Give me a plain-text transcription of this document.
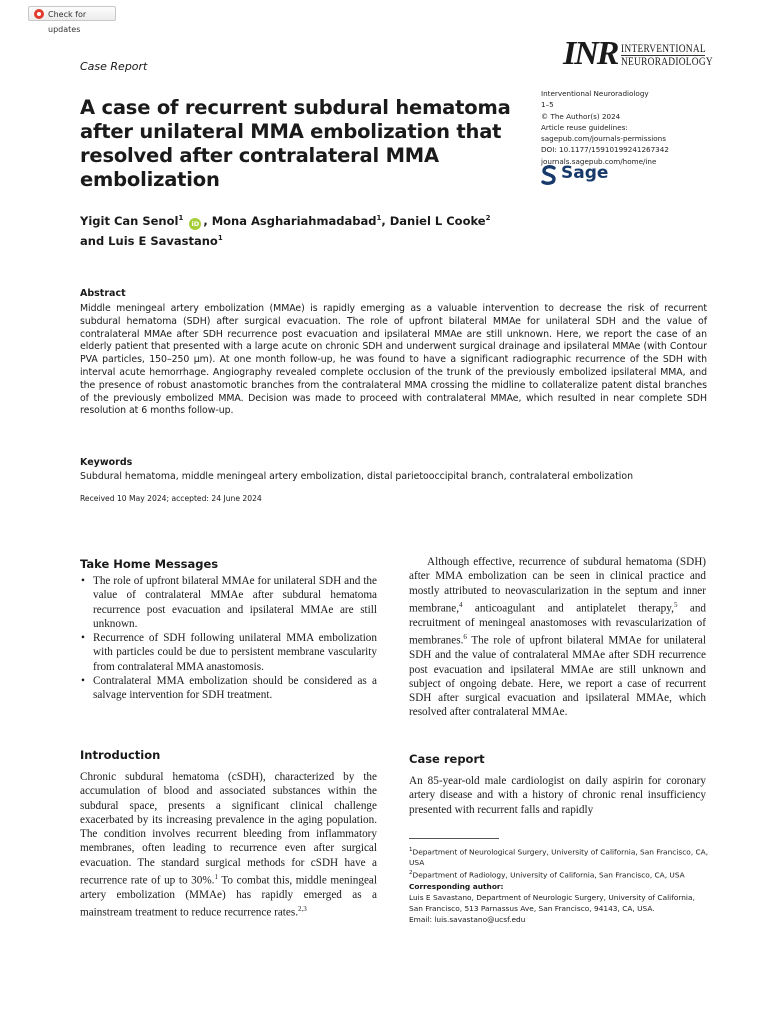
Check for updates
Case Report	INR INTERVENTIONAL
NEURORADIOLOGY
Interventional Neuroradiology
1–5
© The Author(s) 2024
Article reuse guidelines:
sagepub.com/journals-permissions
DOI: 10.1177/15910199241267342
journals.sagepub.com/home/ine
Sage
A case of recurrent subdural hematoma after unilateral MMA embolization that resolved after contralateral MMA embolization
Yigit Can Senol$^1$ iD , Mona Asghariahmadabad$^1$, Daniel L Cooke$^2$
and Luis E Savastano$^1$
Abstract
Middle meningeal artery embolization (MMAe) is rapidly emerging as a valuable intervention to decrease the risk of recurrent subdural hematoma (SDH) after surgical evacuation. The role of upfront bilateral MMAe for unilateral SDH and the value of contralateral MMAe after SDH recurrence post evacuation and ipsilateral MMAe are still unknown. Here, we report the case of an elderly patient that presented with a large acute on chronic SDH and underwent surgical drainage and ipsilateral MMAe (with Contour PVA particles, 150–250 µm). At one month follow-up, he was found to have a significant radiographic recurrence of the SDH with interval acute hemorrhage. Angiography revealed complete occlusion of the trunk of the previously embolized ipsilateral MMA, and the presence of robust anastomotic branches from the contralateral MMA crossing the midline to collateralize patent distal branches of the previously embolized MMA. Decision was made to proceed with contralateral MMAe, which resulted in near complete SDH resolution at 6 months follow-up.
Keywords
Subdural hematoma, middle meningeal artery embolization, distal parietooccipital branch, contralateral embolization
Received 10 May 2024; accepted: 24 June 2024
Take Home Messages
• The role of upfront bilateral MMAe for unilateral SDH and the value of contralateral MMAe after subdural hematoma recurrence post evacuation and ipsilateral MMAe are still unknown.
• Recurrence of SDH following unilateral MMA embolization with particles could be due to persistent membrane vascularity from contralateral MMA anastomosis.
• Contralateral MMA embolization should be considered as a salvage intervention for SDH treatment.
Introduction
Chronic subdural hematoma (cSDH), characterized by the accumulation of blood and associated substances within the subdural space, presents a significant clinical challenge exacerbated by its increasing prevalence in the aging population. The condition involves recurrent bleeding from inflammatory membranes, often leading to recurrence even after surgical evacuation. The standard surgical methods for cSDH have a recurrence rate of up to 30%.$^1$ To combat this, middle meningeal artery embolization (MMAe) has rapidly emerged as a mainstream treatment to reduce recurrence rates.$^{2,3}$
Although effective, recurrence of subdural hematoma (SDH) after MMA embolization can be seen in clinical practice and mostly attributed to neovascularization in the septum and inner membrane,$^4$ anticoagulant and antiplatelet therapy,$^5$ and recruitment of meningeal anastomoses with revascularization of membranes.$^6$ The role of upfront bilateral MMAe for unilateral SDH and the value of contralateral MMAe after SDH recurrence post evacuation and ipsilateral MMAe are still unknown and subject of ongoing debate. Here, we report a case of recurrent SDH after surgical evacuation and ipsilateral MMAe, which resolved after contralateral MMAe.
Case report
An 85-year-old male cardiologist on daily aspirin for coronary artery disease and with a history of chronic renal insufficiency presented with recurrent falls and rapidly
$^1$Department of Neurological Surgery, University of California, San Francisco, CA, USA
$^2$Department of Radiology, University of California, San Francisco, CA, USA
Corresponding author:
Luis E Savastano, Department of Neurologic Surgery, University of California, San Francisco, 513 Parnassus Ave, San Francisco, 94143, CA, USA.
Email: luis.savastano@ucsf.edu
